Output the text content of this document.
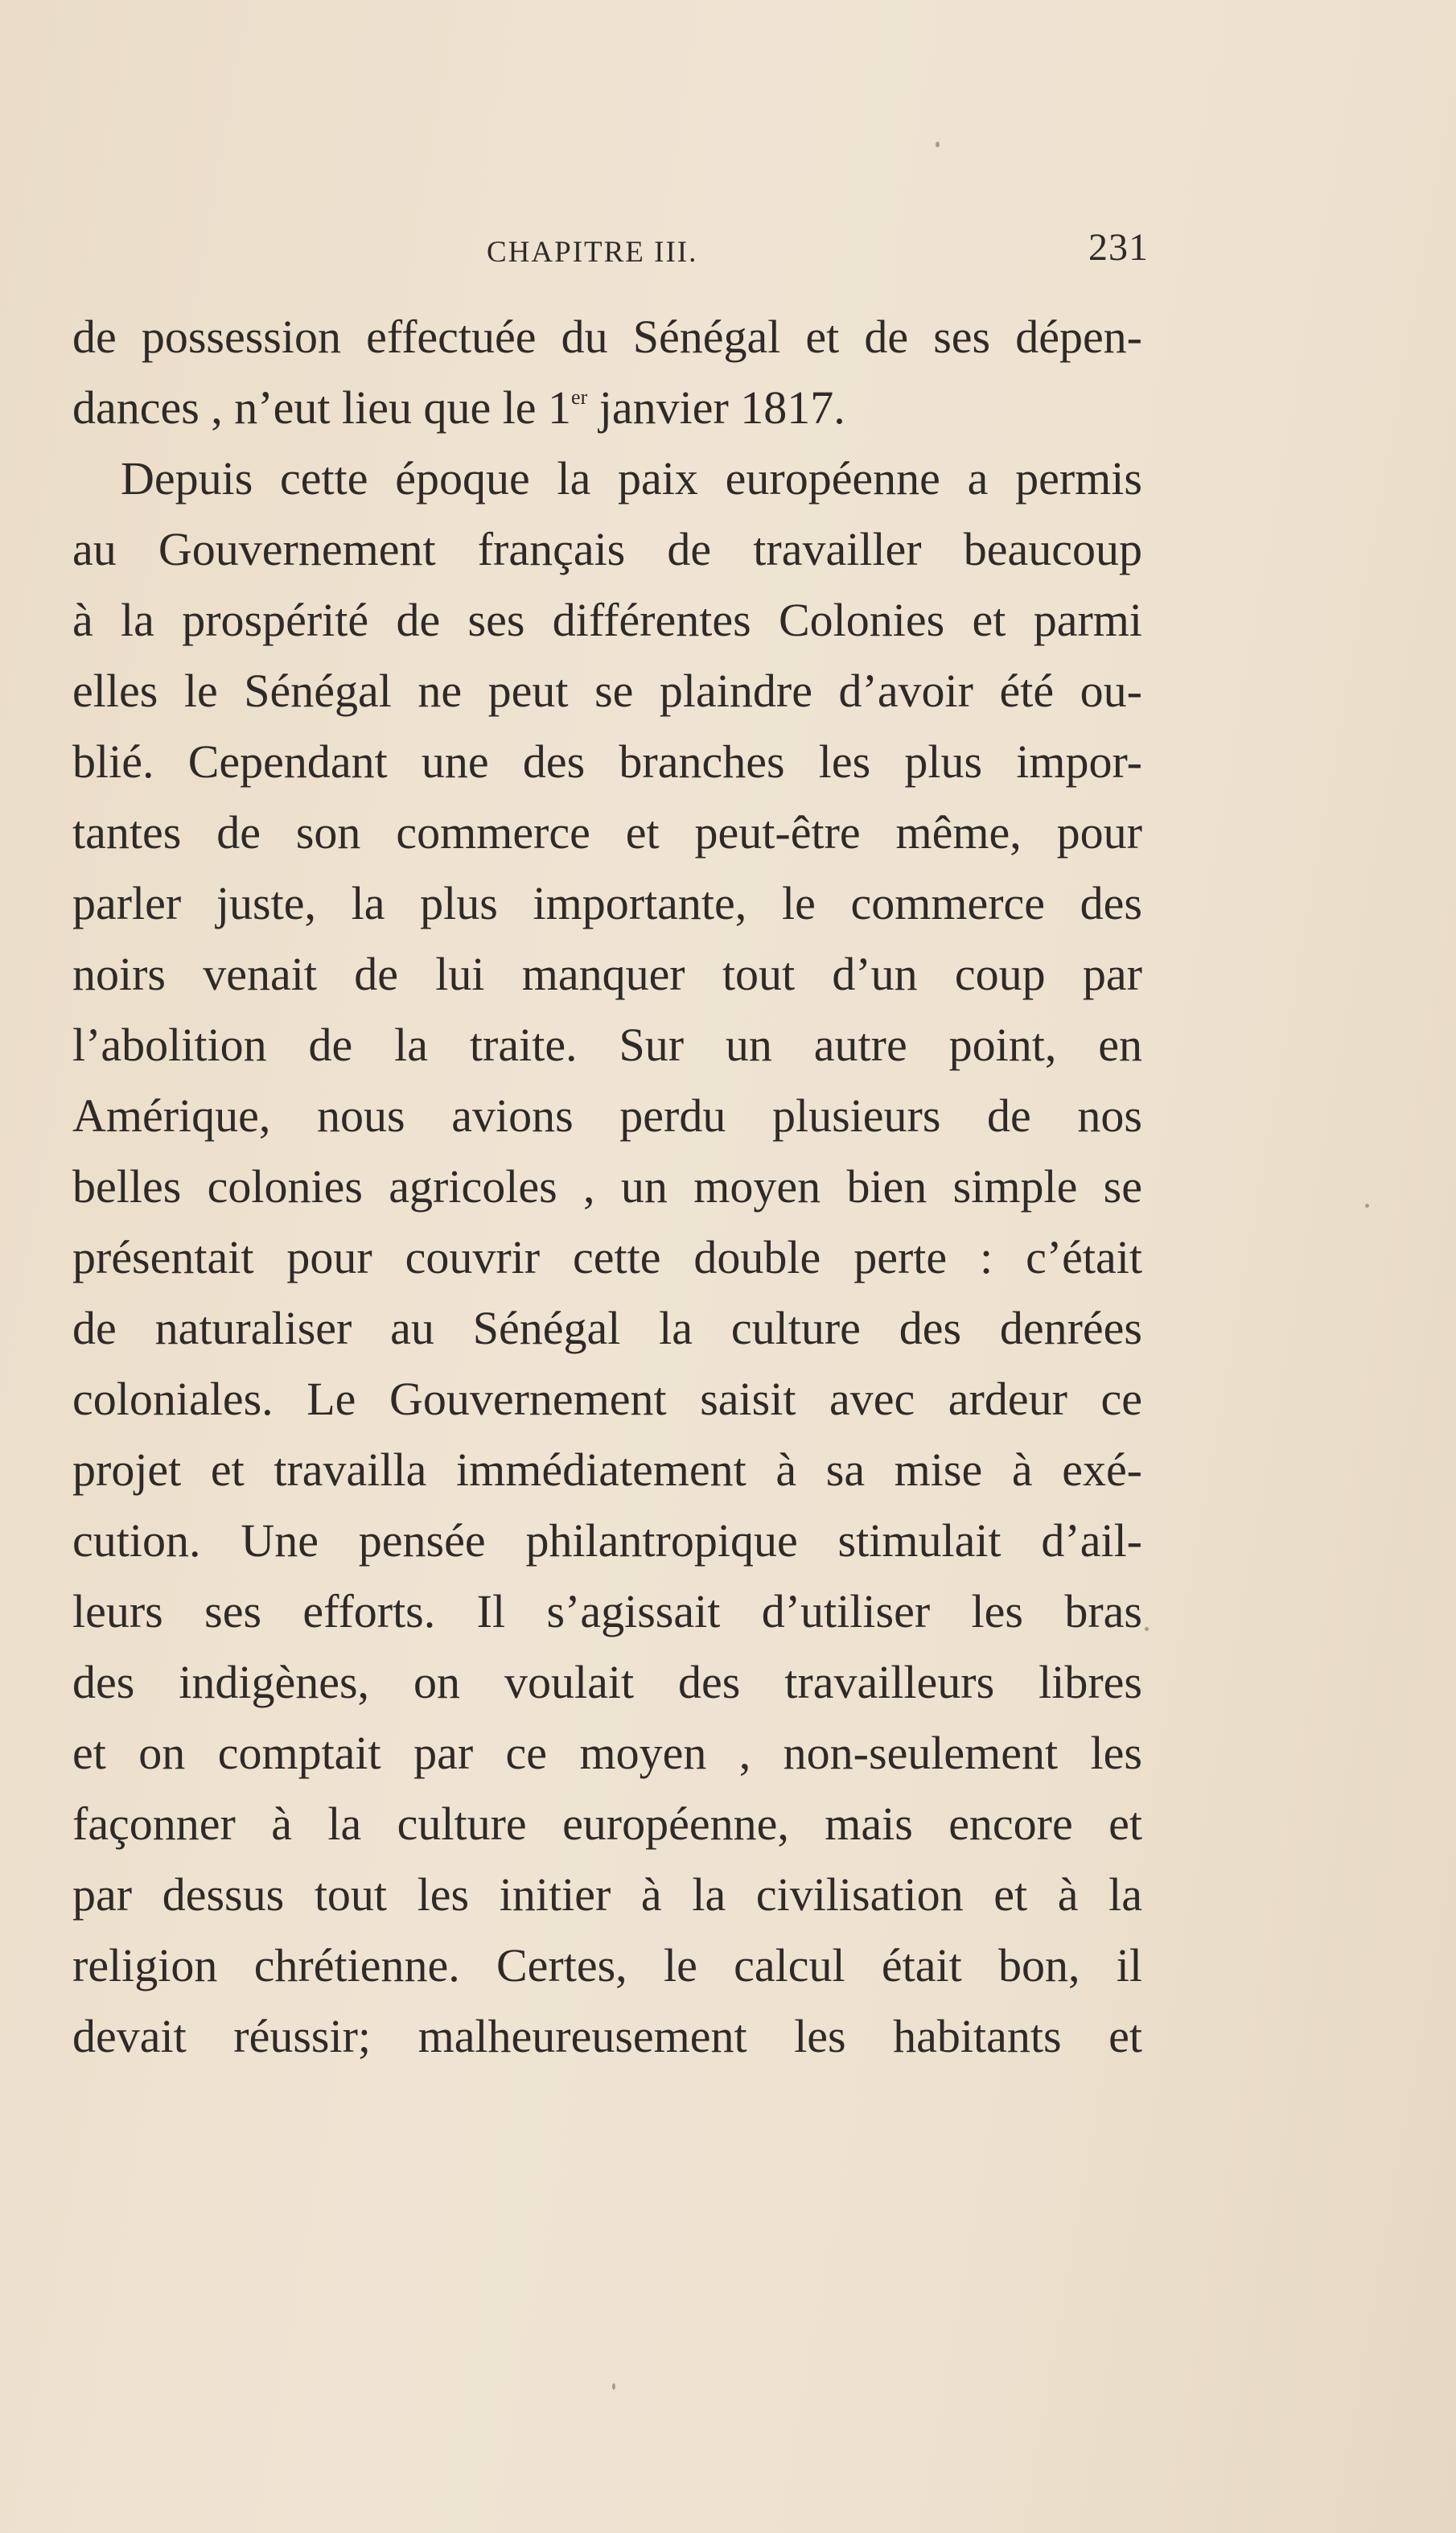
CHAPITRE III.	231
de possession effectuée du Sénégal et de ses dépen-
dances , n’eut lieu que le 1er janvier 1817.
Depuis cette époque la paix européenne a permis
au Gouvernement français de travailler beaucoup
à la prospérité de ses différentes Colonies et parmi
elles le Sénégal ne peut se plaindre d’avoir été ou-
blié. Cependant une des branches les plus impor-
tantes de son commerce et peut-être même, pour
parler juste, la plus importante, le commerce des
noirs venait de lui manquer tout d’un coup par
l’abolition de la traite. Sur un autre point, en
Amérique, nous avions perdu plusieurs de nos
belles colonies agricoles , un moyen bien simple se
présentait pour couvrir cette double perte : c’était
de naturaliser au Sénégal la culture des denrées
coloniales. Le Gouvernement saisit avec ardeur ce
projet et travailla immédiatement à sa mise à exé-
cution. Une pensée philantropique stimulait d’ail-
leurs ses efforts. Il s’agissait d’utiliser les bras
des indigènes, on voulait des travailleurs libres
et on comptait par ce moyen , non-seulement les
façonner à la culture européenne, mais encore et
par dessus tout les initier à la civilisation et à la
religion chrétienne. Certes, le calcul était bon, il
devait réussir; malheureusement les habitants et
